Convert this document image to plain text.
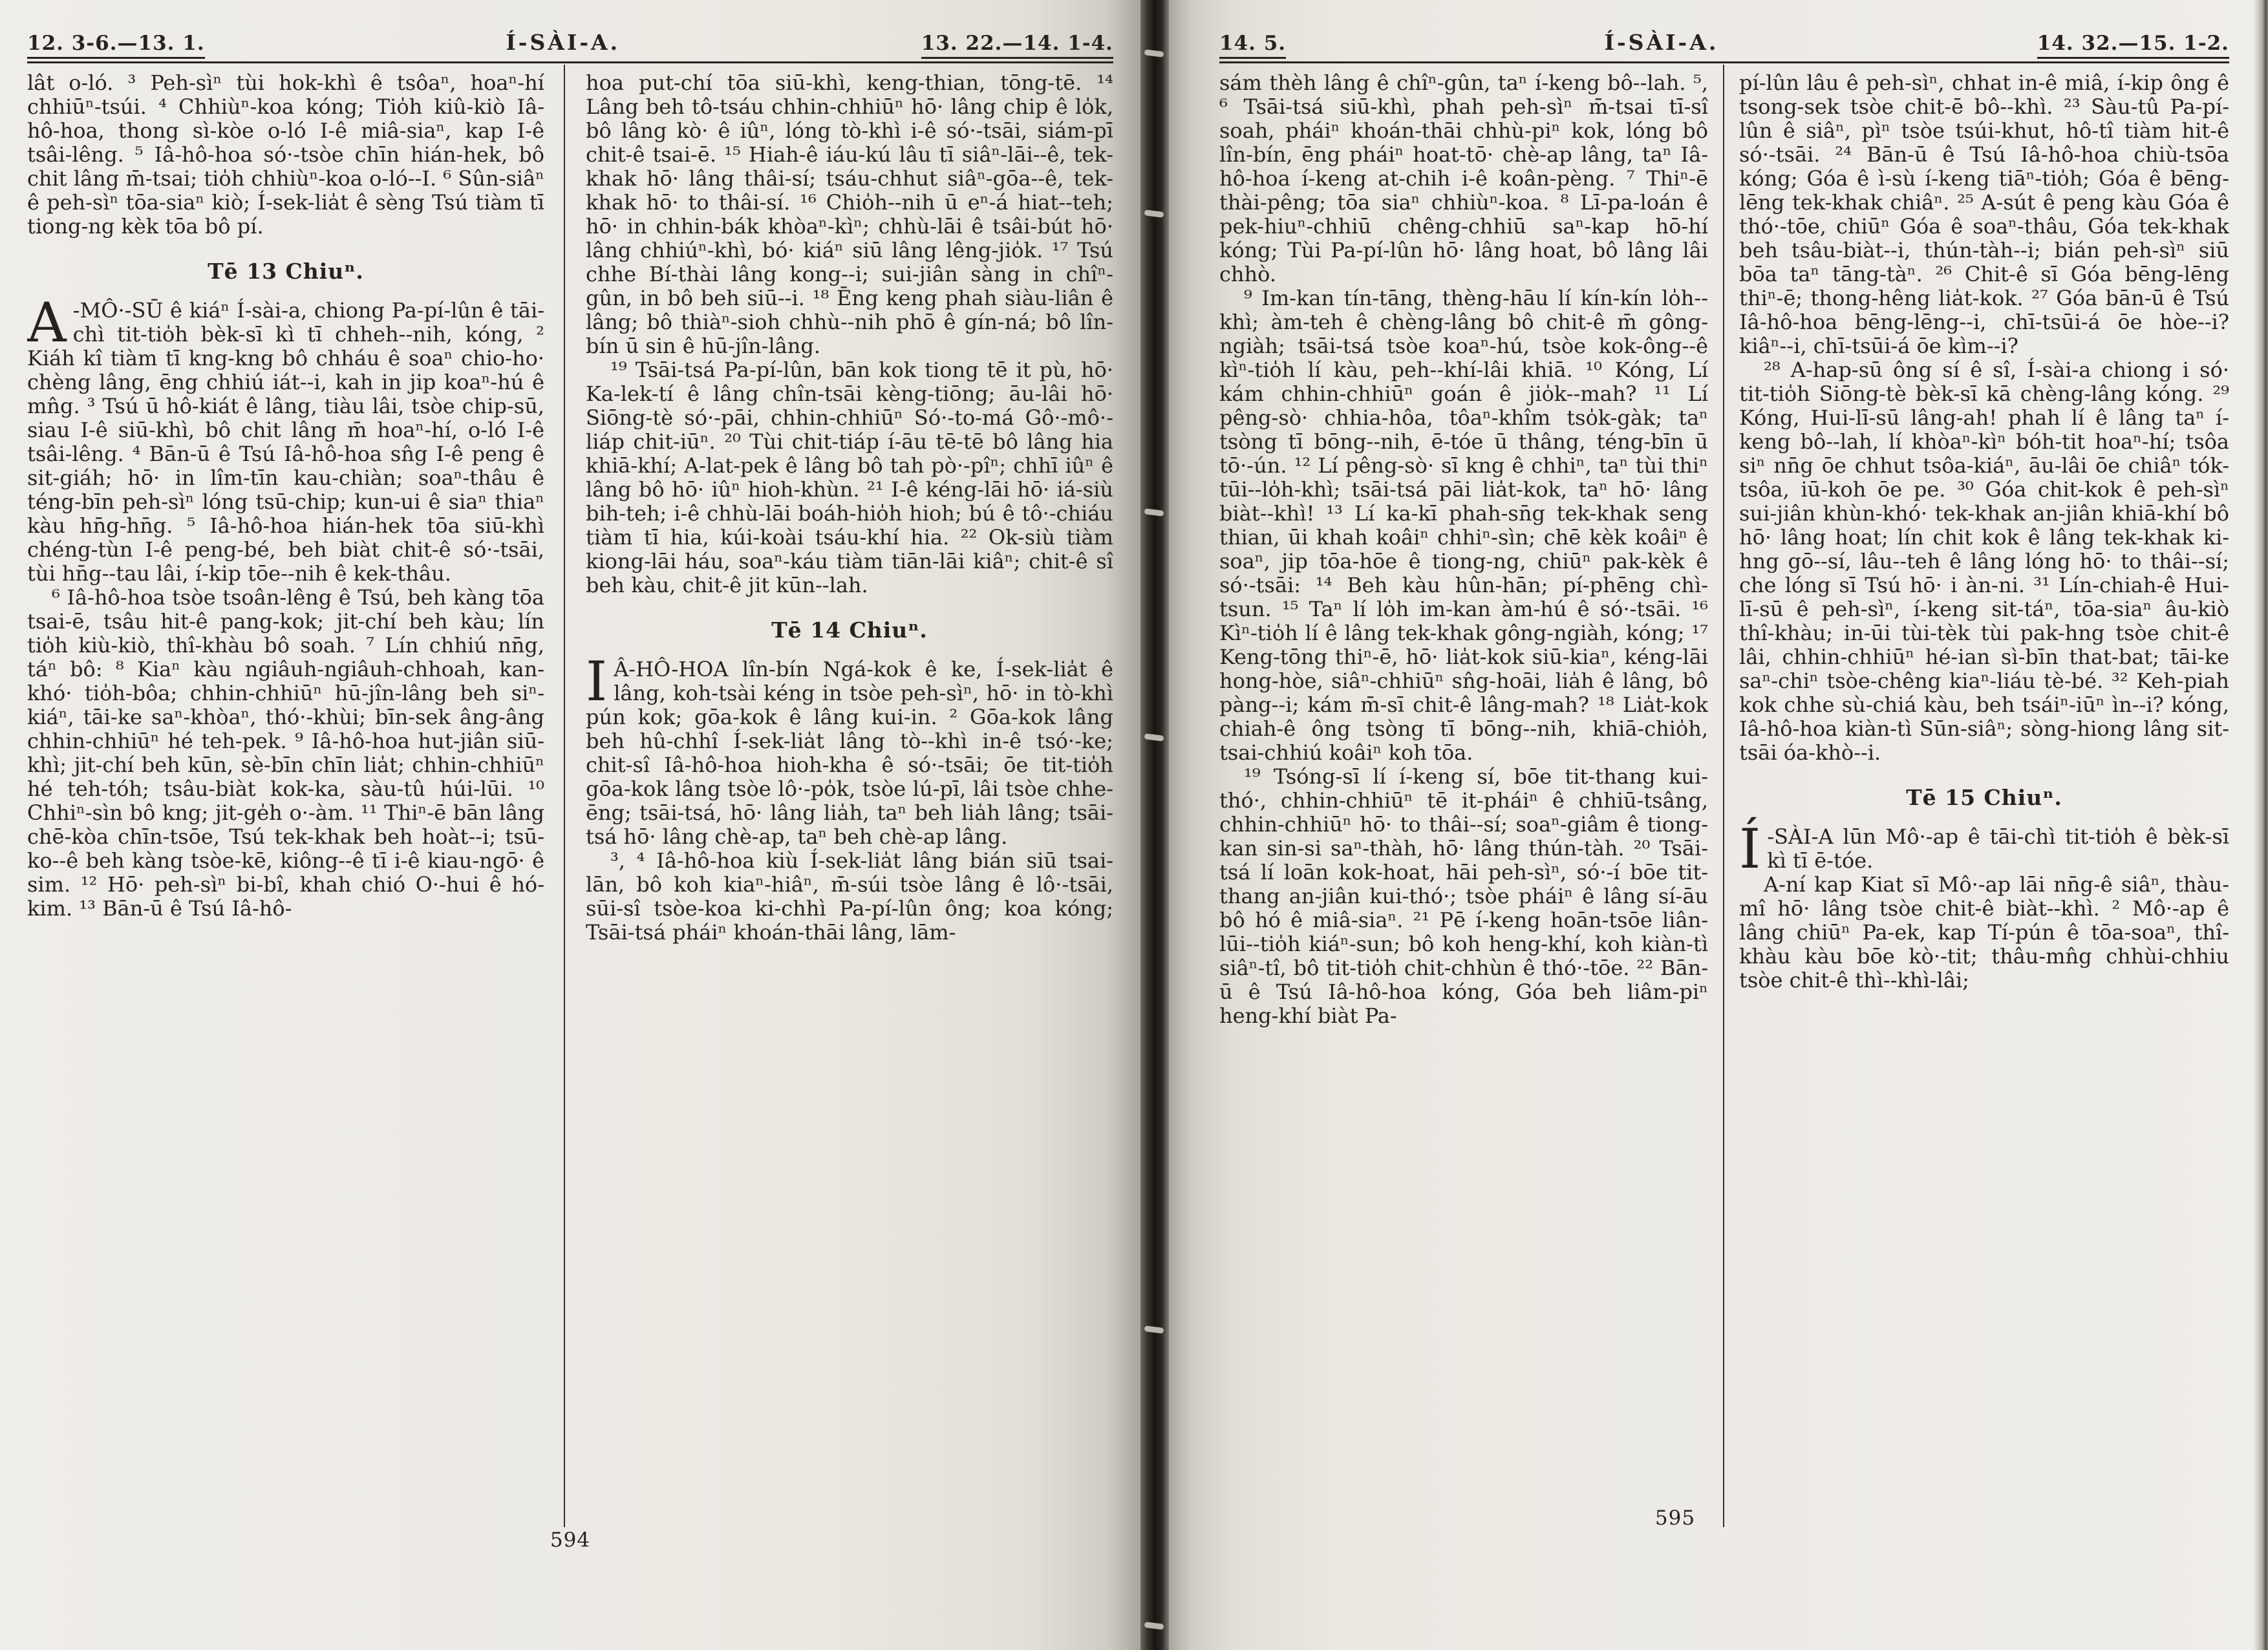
12. 3-6.—13. 1.	Í-SÀI-A.	13. 22.—14. 1-4.

lât o-ló. ³ Peh-sìⁿ tùi hok-khì ê tsôaⁿ, hoaⁿ-hí chhiūⁿ-tsúi. ⁴ Chhiùⁿ-koa kóng; Tio̍h kiû-kiò Iâ-hô-hoa, thong sì-kòe o-ló I-ê miâ-siaⁿ, kap I-ê tsâi-lêng. ⁵ Iâ-hô-hoa só·-tsòe chīn hián-hek, bô chit lâng m̄-tsai; tio̍h chhiùⁿ-koa o-ló--I. ⁶ Sûn-siâⁿ ê peh-sìⁿ tōa-siaⁿ kiò; Í-sek-lia̍t ê sèng Tsú tiàm tī tiong-ng kèk tōa bô pí.

Tē 13 Chiuⁿ.

A -MÔ·-SŪ ê kiáⁿ Í-sài-a, chiong Pa-pí-lûn ê tāi-chì tit-tio̍h bèk-sī kì tī chheh--nih, kóng, ² Kiáh kî tiàm tī kng-kng bô chháu ê soaⁿ chio-ho· chèng lâng, ēng chhiú iát--i, kah in jip koaⁿ-hú ê mn̂g. ³ Tsú ū hô-kiát ê lâng, tiàu lâi, tsòe chip-sū, siau I-ê siū-khì, bô chit lâng m̄ hoaⁿ-hí, o-ló I-ê tsâi-lêng. ⁴ Bān-ū ê Tsú Iâ-hô-hoa sn̂g I-ê peng ê sit-giáh; hō· in lîm-tīn kau-chiàn; soaⁿ-thâu ê téng-bīn peh-sìⁿ lóng tsū-chip; kun-ui ê siaⁿ thiaⁿ kàu hn̄g-hn̄g. ⁵ Iâ-hô-hoa hián-hek tōa siū-khì chéng-tùn I-ê peng-bé, beh biàt chit-ê só·-tsāi, tùi hn̄g--tau lâi, í-kip tōe--nih ê kek-thâu.

⁶ Iâ-hô-hoa tsòe tsoân-lêng ê Tsú, beh kàng tōa tsai-ē, tsâu hit-ê pang-kok; jit-chí beh kàu; lín tio̍h kiù-kiò, thî-khàu bô soah. ⁷ Lín chhiú nn̄g, táⁿ bô: ⁸ Kiaⁿ kàu ngiâuh-ngiâuh-chhoah, kan-khó· tio̍h-bôa; chhin-chhiūⁿ hū-jîn-lâng beh siⁿ-kiáⁿ, tāi-ke saⁿ-khòaⁿ, thó·-khùi; bīn-sek âng-âng chhin-chhiūⁿ hé teh-pek. ⁹ Iâ-hô-hoa hut-jiân siū-khì; jit-chí beh kūn, sè-bīn chīn lia̍t; chhin-chhiūⁿ hé teh-tóh; tsâu-biàt kok-ka, sàu-tû húi-lūi. ¹⁰ Chhiⁿ-sìn bô kng; jit-ge̍h o·-àm. ¹¹ Thiⁿ-ē bān lâng chē-kòa chīn-tsōe, Tsú tek-khak beh hoàt--i; tsū-ko--ê beh kàng tsòe-kē, kiông--ê tī i-ê kiau-ngō· ê sim. ¹² Hō· peh-sìⁿ bi-bî, khah chió O·-hui ê hó-kim. ¹³ Bān-ū ê Tsú Iâ-hô-

hoa put-chí tōa siū-khì, keng-thian, tōng-tē. ¹⁴ Lâng beh tô-tsáu chhin-chhiūⁿ hō· lâng chip ê lo̍k, bô lâng kò· ê iûⁿ, lóng tò-khì i-ê só·-tsāi, siám-pī chit-ê tsai-ē. ¹⁵ Hiah-ê iáu-kú lâu tī siâⁿ-lāi--ê, tek-khak hō· lâng thâi-sí; tsáu-chhut siâⁿ-gōa--ê, tek-khak hō· to thâi-sí. ¹⁶ Chio̍h--nih ū eⁿ-á hiat--teh; hō· in chhin-bák khòaⁿ-kìⁿ; chhù-lāi ê tsâi-bút hō· lâng chhiúⁿ-khì, bó· kiáⁿ siū lâng lêng-jio̍k. ¹⁷ Tsú chhe Bí-thài lâng kong--i; sui-jiân sàng in chîⁿ-gûn, in bô beh siū--i. ¹⁸ Ēng keng phah siàu-liân ê lâng; bô thiàⁿ-sioh chhù--nih phō ê gín-ná; bô lîn-bín ū sin ê hū-jîn-lâng.

¹⁹ Tsāi-tsá Pa-pí-lûn, bān kok tiong tē it pù, hō· Ka-lek-tí ê lâng chîn-tsāi kèng-tiōng; āu-lâi hō· Siōng-tè só·-pāi, chhin-chhiūⁿ Só·-to-má Gô·-mô·-liáp chit-iūⁿ. ²⁰ Tùi chit-tiáp í-āu tē-tē bô lâng hia khiā-khí; A-lat-pek ê lâng bô tah pò·-pîⁿ; chhī iûⁿ ê lâng bô hō· iûⁿ hioh-khùn. ²¹ I-ê kéng-lāi hō· iá-siù bih-teh; i-ê chhù-lāi boáh-hio̍h hioh; bú ê tô·-chiáu tiàm tī hia, kúi-koài tsáu-khí hia. ²² Ok-siù tiàm kiong-lāi háu, soaⁿ-káu tiàm tiān-lāi kiâⁿ; chit-ê sî beh kàu, chit-ê jit kūn--lah.

Tē 14 Chiuⁿ.

I Â-HÔ-HOA lîn-bín Ngá-kok ê ke, Í-sek-lia̍t ê lâng, koh-tsài kéng in tsòe peh-sìⁿ, hō· in tò-khì pún kok; gōa-kok ê lâng kui-in. ² Gōa-kok lâng beh hû-chhî Í-sek-lia̍t lâng tò--khì in-ê tsó·-ke; chit-sî Iâ-hô-hoa hioh-kha ê só·-tsāi; ōe tit-tio̍h gōa-kok lâng tsòe lô·-po̍k, tsòe lú-pī, lâi tsòe chhe-ēng; tsāi-tsá, hō· lâng lia̍h, taⁿ beh lia̍h lâng; tsāi-tsá hō· lâng chè-ap, taⁿ beh chè-ap lâng.

³, ⁴ Iâ-hô-hoa kiù Í-sek-lia̍t lâng bián siū tsai-lān, bô koh kiaⁿ-hiâⁿ, m̄-súi tsòe lâng ê lô·-tsāi, sūi-sî tsòe-koa ki-chhì Pa-pí-lûn ông; koa kóng; Tsāi-tsá pháiⁿ khoán-thāi lâng, lām-

594
14. 5.	Í-SÀI-A.	14. 32.—15. 1-2.

sám thèh lâng ê chîⁿ-gûn, taⁿ í-keng bô--lah. ⁵, ⁶ Tsāi-tsá siū-khì, phah peh-sìⁿ m̄-tsai tī-sî soah, pháiⁿ khoán-thāi chhù-piⁿ kok, lóng bô lîn-bín, ēng pháiⁿ hoat-tō· chè-ap lâng, taⁿ Iâ-hô-hoa í-keng at-chih i-ê koân-pèng. ⁷ Thiⁿ-ē thài-pêng; tōa siaⁿ chhiùⁿ-koa. ⁸ Lī-pa-loán ê pek-hiuⁿ-chhiū chêng-chhiū saⁿ-kap hō-hí kóng; Tùi Pa-pí-lûn hō· lâng hoat, bô lâng lâi chhò.

⁹ Im-kan tín-tāng, thèng-hāu lí kín-kín lo̍h--khì; àm-teh ê chèng-lâng bô chit-ê m̄ gông-ngiàh; tsāi-tsá tsòe koaⁿ-hú, tsòe kok-ông--ê kìⁿ-tio̍h lí kàu, peh--khí-lâi khiā. ¹⁰ Kóng, Lí kám chhin-chhiūⁿ goán ê jio̍k--mah? ¹¹ Lí pêng-sò· chhia-hôa, tôaⁿ-khîm tso̍k-gàk; taⁿ tsòng tī bōng--nih, ē-tóe ū thâng, téng-bīn ū tō·-ún. ¹² Lí pêng-sò· sī kng ê chhiⁿ, taⁿ tùi thiⁿ tūi--lo̍h-khì; tsāi-tsá pāi lia̍t-kok, taⁿ hō· lâng biàt--khì! ¹³ Lí ka-kī phah-sn̄g tek-khak seng thian, ūi khah koâiⁿ chhiⁿ-sìn; chē kèk koâiⁿ ê soaⁿ, jip tōa-hōe ê tiong-ng, chiūⁿ pak-kèk ê só·-tsāi: ¹⁴ Beh kàu hûn-hān; pí-phēng chì-tsun. ¹⁵ Taⁿ lí lo̍h im-kan àm-hú ê só·-tsāi. ¹⁶ Kìⁿ-tio̍h lí ê lâng tek-khak gông-ngiàh, kóng; ¹⁷ Keng-tōng thiⁿ-ē, hō· lia̍t-kok siū-kiaⁿ, kéng-lāi hong-hòe, siâⁿ-chhiūⁿ sn̂g-hoāi, lia̍h ê lâng, bô pàng--i; kám m̄-sī chit-ê lâng-mah? ¹⁸ Lia̍t-kok chiah-ê ông tsòng tī bōng--nih, khiā-chio̍h, tsai-chhiú koâiⁿ koh tōa.

¹⁹ Tsóng-sī lí í-keng sí, bōe tit-thang kui-thó·, chhin-chhiūⁿ tē it-pháiⁿ ê chhiū-tsâng, chhin-chhiūⁿ hō· to thâi--sí; soaⁿ-giâm ê tiong-kan sin-si saⁿ-thàh, hō· lâng thún-tàh. ²⁰ Tsāi-tsá lí loān kok-hoat, hāi peh-sìⁿ, só·-í bōe tit-thang an-jiân kui-thó·; tsòe pháiⁿ ê lâng sí-āu bô hó ê miâ-siaⁿ. ²¹ Pē í-keng hoān-tsōe liân-lūi--tio̍h kiáⁿ-sun; bô koh heng-khí, koh kiàn-tì siâⁿ-tî, bô tit-tio̍h chit-chhùn ê thó·-tōe. ²² Bān-ū ê Tsú Iâ-hô-hoa kóng, Góa beh liâm-piⁿ heng-khí biàt Pa-

pí-lûn lâu ê peh-sìⁿ, chhat in-ê miâ, í-kip ông ê tsong-sek tsòe chit-ē bô--khì. ²³ Sàu-tû Pa-pí-lûn ê siâⁿ, pìⁿ tsòe tsúi-khut, hô-tî tiàm hit-ê só·-tsāi. ²⁴ Bān-ū ê Tsú Iâ-hô-hoa chiù-tsōa kóng; Góa ê ì-sù í-keng tiāⁿ-tio̍h; Góa ê bēng-lēng tek-khak chiâⁿ. ²⁵ A-sút ê peng kàu Góa ê thó·-tōe, chiūⁿ Góa ê soaⁿ-thâu, Góa tek-khak beh tsâu-biàt--i, thún-tàh--i; bián peh-sìⁿ siū bōa taⁿ tāng-tàⁿ. ²⁶ Chit-ê sī Góa bēng-lēng thiⁿ-ē; thong-hêng lia̍t-kok. ²⁷ Góa bān-ū ê Tsú Iâ-hô-hoa bēng-lēng--i, chī-tsūi-á ōe hòe--i? kiâⁿ--i, chī-tsūi-á ōe kìm--i?

²⁸ A-hap-sū ông sí ê sî, Í-sài-a chiong i só· tit-tio̍h Siōng-tè bèk-sī kā chèng-lâng kóng. ²⁹ Kóng, Hui-lī-sū lâng-ah! phah lí ê lâng taⁿ í-keng bô--lah, lí khòaⁿ-kìⁿ bóh-tit hoaⁿ-hí; tsôa siⁿ nn̄g ōe chhut tsôa-kiáⁿ, āu-lâi ōe chiâⁿ tók-tsôa, iū-koh ōe pe. ³⁰ Góa chit-kok ê peh-sìⁿ sui-jiân khùn-khó· tek-khak an-jiân khiā-khí bô hō· lâng hoat; lín chit kok ê lâng tek-khak ki-hng gō--sí, lâu--teh ê lâng lóng hō· to thâi--sí; che lóng sī Tsú hō· i àn-ni. ³¹ Lín-chiah-ê Hui-lī-sū ê peh-sìⁿ, í-keng sit-táⁿ, tōa-siaⁿ âu-kiò thî-khàu; in-ūi tùi-tèk tùi pak-hng tsòe chit-ê lâi, chhin-chhiūⁿ hé-ian sì-bīn that-bat; tāi-ke saⁿ-chiⁿ tsòe-chêng kiaⁿ-liáu tè-bé. ³² Keh-piah kok chhe sù-chiá kàu, beh tsáiⁿ-iūⁿ ìn--i? kóng, Iâ-hô-hoa kiàn-tì Sūn-siâⁿ; sòng-hiong lâng sit-tsāi óa-khò--i.

Tē 15 Chiuⁿ.

Í -SÀI-A lūn Mô·-ap ê tāi-chì tit-tio̍h ê bèk-sī kì tī ē-tóe.

A-ní kap Kiat sī Mô·-ap lāi nn̄g-ê siâⁿ, thàu-mî hō· lâng tsòe chit-ê biàt--khì. ² Mô·-ap ê lâng chiūⁿ Pa-ek, kap Tí-pún ê tōa-soaⁿ, thî-khàu kàu bōe kò·-tit; thâu-mn̂g chhùi-chhiu tsòe chit-ê thì--khì-lâi;

595
